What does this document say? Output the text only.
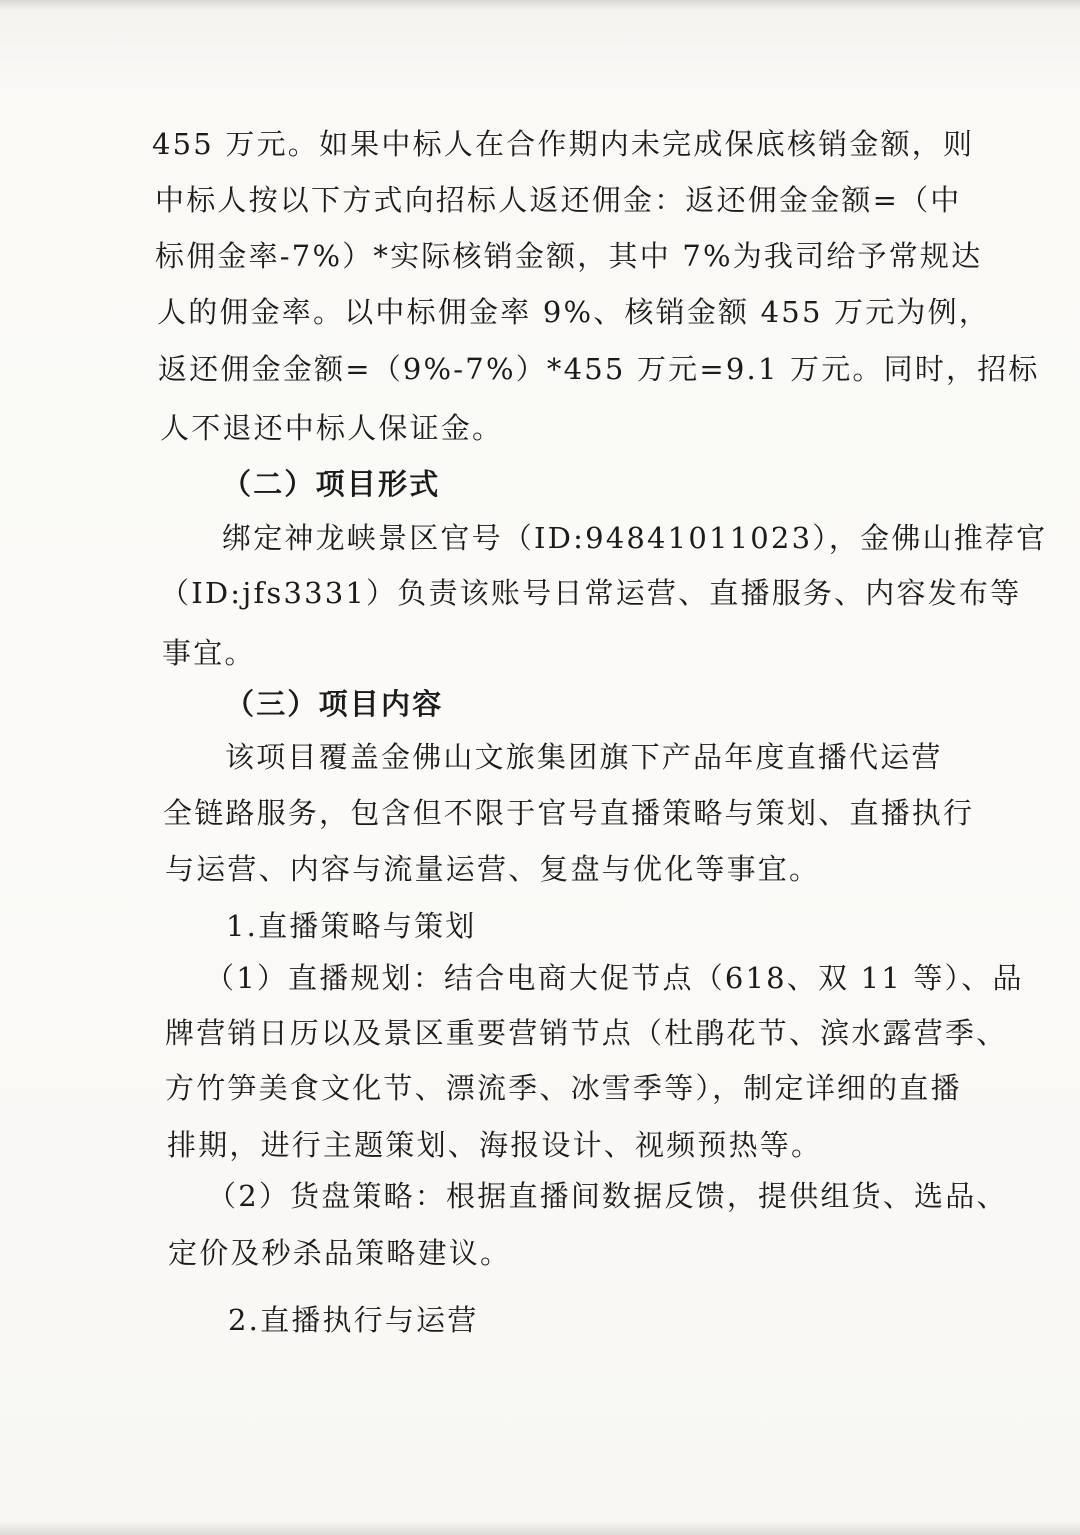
455 万元。如果中标人在合作期内未完成保底核销金额，则
中标人按以下方式向招标人返还佣金：返还佣金金额=（中
标佣金率-7%）*实际核销金额，其中 7%为我司给予常规达
人的佣金率。以中标佣金率 9%、核销金额 455 万元为例，
返还佣金金额=（9%-7%）*455 万元=9.1 万元。同时，招标
人不退还中标人保证金。
（二）项目形式
绑定神龙峡景区官号（ID:94841011023），金佛山推荐官
（ID:jfs3331）负责该账号日常运营、直播服务、内容发布等
事宜。
（三）项目内容
该项目覆盖金佛山文旅集团旗下产品年度直播代运营
全链路服务，包含但不限于官号直播策略与策划、直播执行
与运营、内容与流量运营、复盘与优化等事宜。
1.直播策略与策划
（1）直播规划：结合电商大促节点（618、双 11 等）、品
牌营销日历以及景区重要营销节点（杜鹃花节、滨水露营季、
方竹笋美食文化节、漂流季、冰雪季等），制定详细的直播
排期，进行主题策划、海报设计、视频预热等。
（2）货盘策略：根据直播间数据反馈，提供组货、选品、
定价及秒杀品策略建议。
2.直播执行与运营
